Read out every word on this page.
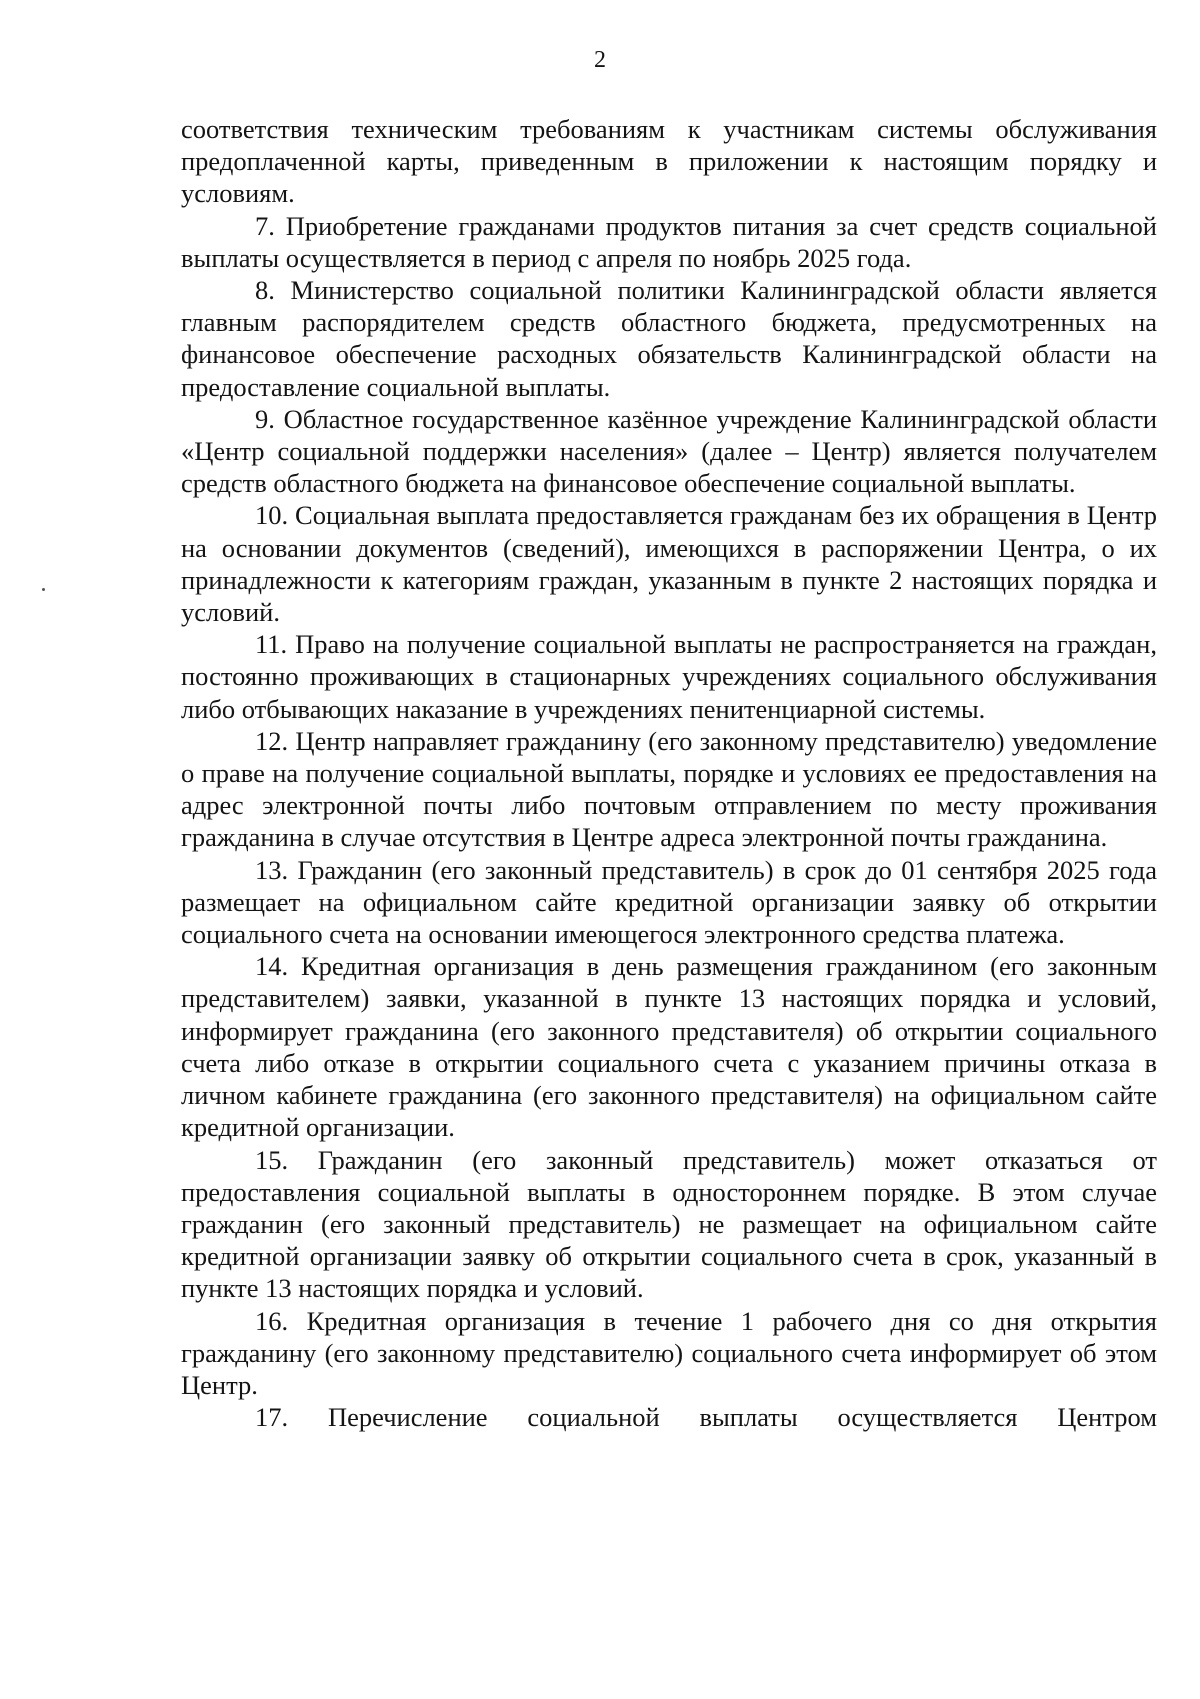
2

соответствия техническим требованиям к участникам системы обслуживания предоплаченной карты, приведенным в приложении к настоящим порядку и условиям.

7. Приобретение гражданами продуктов питания за счет средств социальной выплаты осуществляется в период с апреля по ноябрь 2025 года.

8. Министерство социальной политики Калининградской области является главным распорядителем средств областного бюджета, предусмотренных на финансовое обеспечение расходных обязательств Калининградской области на предоставление социальной выплаты.

9. Областное государственное казённое учреждение Калининградской области «Центр социальной поддержки населения» (далее – Центр) является получателем средств областного бюджета на финансовое обеспечение социальной выплаты.

10. Социальная выплата предоставляется гражданам без их обращения в Центр на основании документов (сведений), имеющихся в распоряжении Центра, о их принадлежности к категориям граждан, указанным в пункте 2 настоящих порядка и условий.

11. Право на получение социальной выплаты не распространяется на граждан, постоянно проживающих в стационарных учреждениях социального обслуживания либо отбывающих наказание в учреждениях пенитенциарной системы.

12. Центр направляет гражданину (его законному представителю) уведомление о праве на получение социальной выплаты, порядке и условиях ее предоставления на адрес электронной почты либо почтовым отправлением по месту проживания гражданина в случае отсутствия в Центре адреса электронной почты гражданина.

13. Гражданин (его законный представитель) в срок до 01 сентября 2025 года размещает на официальном сайте кредитной организации заявку об открытии социального счета на основании имеющегося электронного средства платежа.

14. Кредитная организация в день размещения гражданином (его законным представителем) заявки, указанной в пункте 13 настоящих порядка и условий, информирует гражданина (его законного представителя) об открытии социального счета либо отказе в открытии социального счета с указанием причины отказа в личном кабинете гражданина (его законного представителя) на официальном сайте кредитной организации.

15. Гражданин (его законный представитель) может отказаться от предоставления социальной выплаты в одностороннем порядке. В этом случае гражданин (его законный представитель) не размещает на официальном сайте кредитной организации заявку об открытии социального счета в срок, указанный в пункте 13 настоящих порядка и условий.

16. Кредитная организация в течение 1 рабочего дня со дня открытия гражданину (его законному представителю) социального счета информирует об этом Центр.

17. Перечисление социальной выплаты осуществляется Центром
